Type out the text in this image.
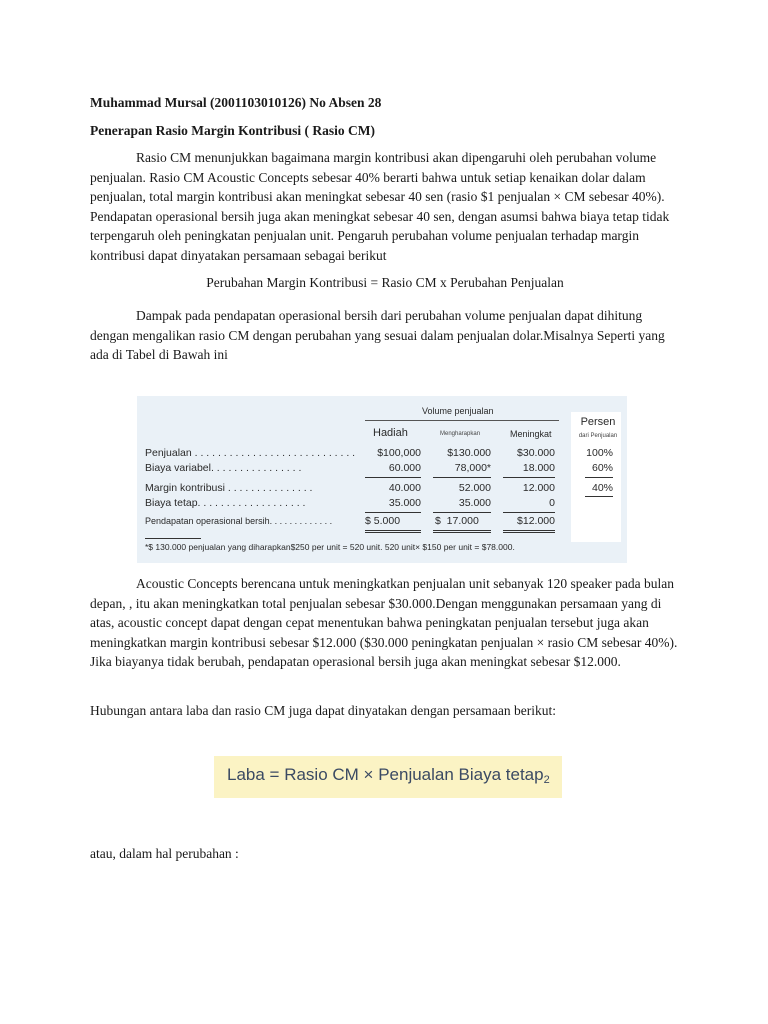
Muhammad Mursal (2001103010126) No Absen 28
Penerapan Rasio Margin Kontribusi ( Rasio CM)

Rasio CM menunjukkan bagaimana margin kontribusi akan dipengaruhi oleh perubahan volume penjualan. Rasio CM Acoustic Concepts sebesar 40% berarti bahwa untuk setiap kenaikan dolar dalam penjualan, total margin kontribusi akan meningkat sebesar 40 sen (rasio $1 penjualan × CM sebesar 40%). Pendapatan operasional bersih juga akan meningkat sebesar 40 sen, dengan asumsi bahwa biaya tetap tidak terpengaruh oleh peningkatan penjualan unit. Pengaruh perubahan volume penjualan terhadap margin kontribusi dapat dinyatakan persamaan sebagai berikut

Perubahan Margin Kontribusi = Rasio CM x Perubahan Penjualan

Dampak pada pendapatan operasional bersih dari perubahan volume penjualan dapat dihitung dengan mengalikan rasio CM dengan perubahan yang sesuai dalam penjualan dolar.Misalnya Seperti yang ada di Tabel di Bawah ini

Volume penjualan
Hadiah	Mengharapkan	Meningkat
Persen
dari Penjualan
Penjualan . . . . . . . . . . . . . . . . . . . . . . . . . . . .	$100,000	$130.000	$30.000	100%
Biaya variabel. . . . . . . . . . . . . . . .	60.000	78,000*	18.000	60%
Margin kontribusi . . . . . . . . . . . . . . .	40.000	52.000	12.000	40%
Biaya tetap. . . . . . . . . . . . . . . . . . .	35.000	35.000	0
Pendapatan operasional bersih. . . . . . . . . . . . .	$ 5.000	$  17.000	$12.000
*$ 130.000 penjualan yang diharapkan$250 per unit = 520 unit. 520 unit× $150 per unit = $78.000.

Acoustic Concepts berencana untuk meningkatkan penjualan unit sebanyak 120 speaker pada bulan depan, , itu akan meningkatkan total penjualan sebesar $30.000.Dengan menggunakan persamaan yang di atas, acoustic concept dapat dengan cepat menentukan bahwa peningkatan penjualan tersebut juga akan meningkatkan margin kontribusi sebesar $12.000 ($30.000 peningkatan penjualan × rasio CM sebesar 40%). Jika biayanya tidak berubah, pendapatan operasional bersih juga akan meningkat sebesar $12.000.

Hubungan antara laba dan rasio CM juga dapat dinyatakan dengan persamaan berikut:

Laba = Rasio CM × Penjualan Biaya tetap2

atau, dalam hal perubahan :
